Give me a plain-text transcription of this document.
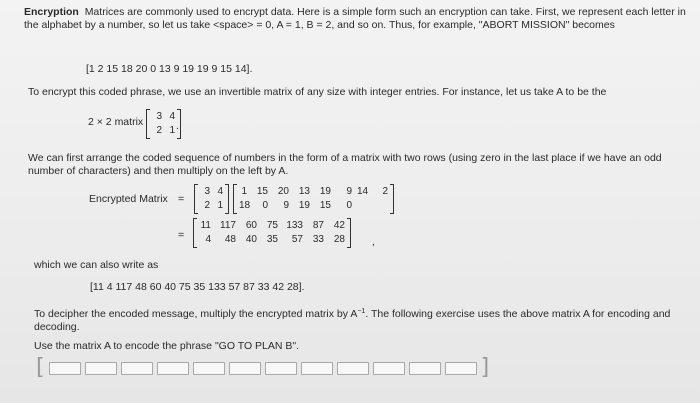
Encryption Matrices are commonly used to encrypt data. Here is a simple form such an encryption can take. First, we represent each letter in the alphabet by a number, so let us take <space> = 0, A = 1, B = 2, and so on. Thus, for example, "ABORT MISSION" becomes
[1 2 15 18 20 0 13 9 19 19 9 15 14].
To encrypt this coded phrase, we use an invertible matrix of any size with integer entries. For instance, let us take A to be the
2 × 2 matrix	3 4
2 1 .
We can first arrange the coded sequence of numbers in the form of a matrix with two rows (using zero in the last place if we have an odd number of characters) and then multiply on the left by A.
Encrypted Matrix =
3 4
2 1
1 15 20 13 19	9 14	2
18	0	9 19 15	0
=
11 117 60 75 133 87 42
4	48 40 35	57 33 28	,
which we can also write as
[11 4 117 48 60 40 75 35 133 57 87 33 42 28].
To decipher the encoded message, multiply the encrypted matrix by $A^{-1}$. The following exercise uses the above matrix A for encoding and decoding.
Use the matrix A to encode the phrase "GO TO PLAN B".
[	]
